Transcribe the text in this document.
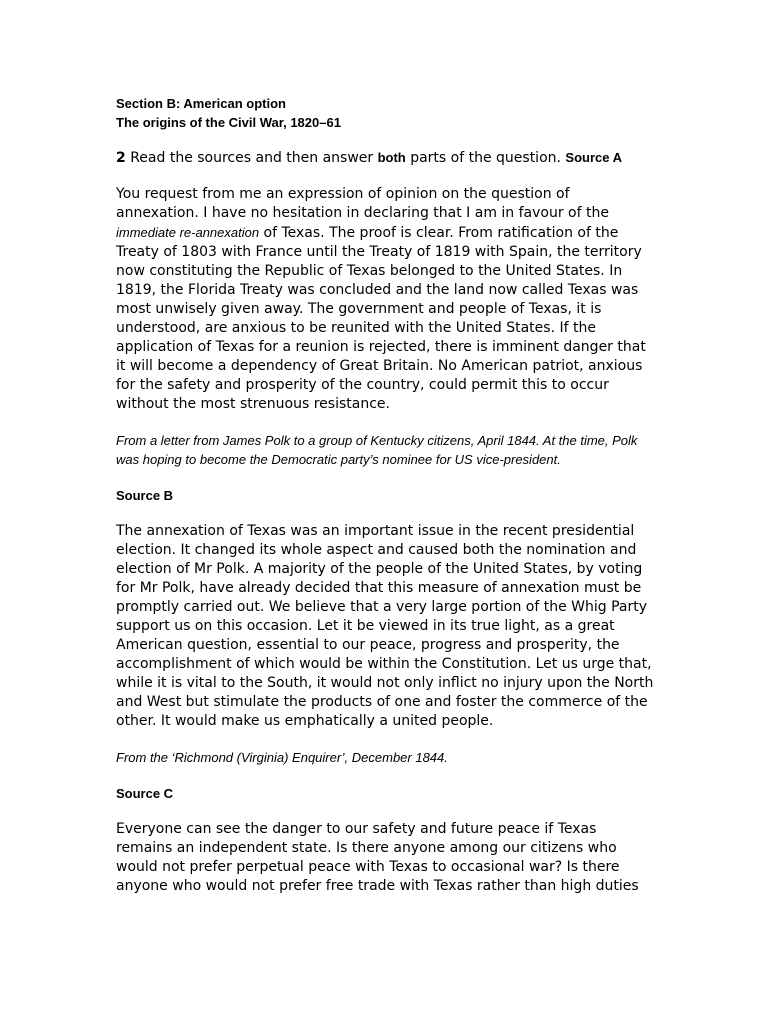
Section B: American option

The origins of the Civil War, 1820–61

2 Read the sources and then answer both parts of the question. Source A

You request from me an expression of opinion on the question of annexation. I have no hesitation in declaring that I am in favour of the immediate re-annexation of Texas. The proof is clear. From ratification of the Treaty of 1803 with France until the Treaty of 1819 with Spain, the territory now constituting the Republic of Texas belonged to the United States. In 1819, the Florida Treaty was concluded and the land now called Texas was most unwisely given away. The government and people of Texas, it is understood, are anxious to be reunited with the United States. If the application of Texas for a reunion is rejected, there is imminent danger that it will become a dependency of Great Britain. No American patriot, anxious for the safety and prosperity of the country, could permit this to occur without the most strenuous resistance.

From a letter from James Polk to a group of Kentucky citizens, April 1844. At the time, Polk was hoping to become the Democratic party’s nominee for US vice-president.

Source B

The annexation of Texas was an important issue in the recent presidential election. It changed its whole aspect and caused both the nomination and election of Mr Polk. A majority of the people of the United States, by voting for Mr Polk, have already decided that this measure of annexation must be promptly carried out. We believe that a very large portion of the Whig Party support us on this occasion. Let it be viewed in its true light, as a great American question, essential to our peace, progress and prosperity, the accomplishment of which would be within the Constitution. Let us urge that, while it is vital to the South, it would not only inflict no injury upon the North and West but stimulate the products of one and foster the commerce of the other. It would make us emphatically a united people.

From the ‘Richmond (Virginia) Enquirer’, December 1844.

Source C

Everyone can see the danger to our safety and future peace if Texas remains an independent state. Is there anyone among our citizens who would not prefer perpetual peace with Texas to occasional war? Is there anyone who would not prefer free trade with Texas rather than high duties
